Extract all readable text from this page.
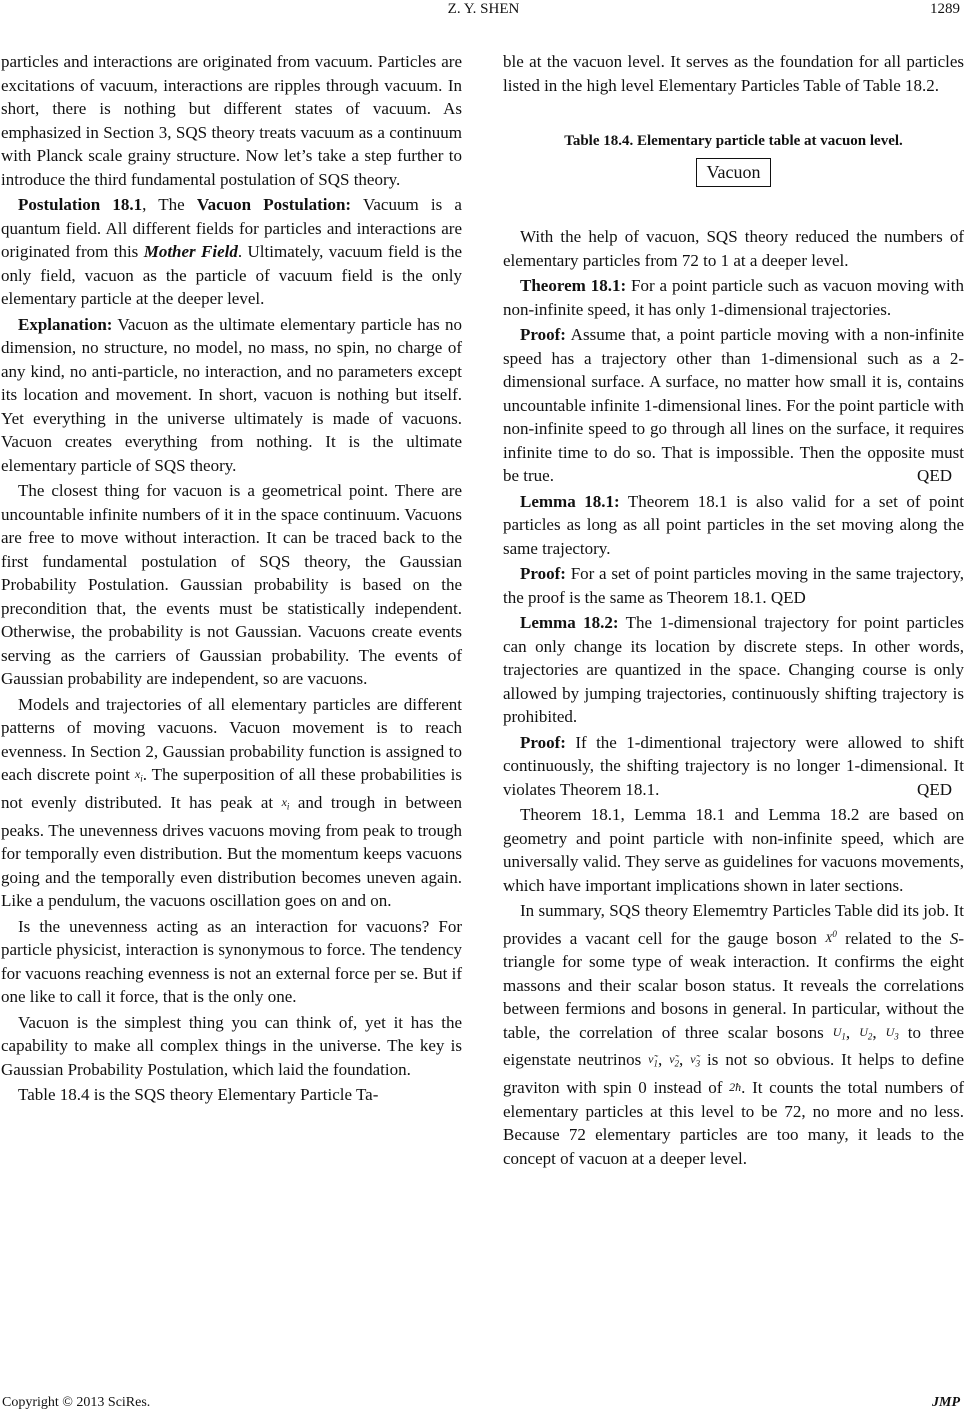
Z. Y. SHEN	1289

particles and interactions are originated from vacuum. Particles are excitations of vacuum, interactions are ripples through vacuum. In short, there is nothing but different states of vacuum. As emphasized in Section 3, SQS theory treats vacuum as a continuum with Planck scale grainy structure. Now let’s take a step further to introduce the third fundamental postulation of SQS theory.

Postulation 18.1, The Vacuon Postulation: Vacuum is a quantum field. All different fields for particles and interactions are originated from this Mother Field. Ultimately, vacuum field is the only field, vacuon as the particle of vacuum field is the only elementary particle at the deeper level.

Explanation: Vacuon as the ultimate elementary particle has no dimension, no structure, no model, no mass, no spin, no charge of any kind, no anti-particle, no interaction, and no parameters except its location and movement. In short, vacuon is nothing but itself. Yet everything in the universe ultimately is made of vacuons. Vacuon creates everything from nothing. It is the ultimate elementary particle of SQS theory.

The closest thing for vacuon is a geometrical point. There are uncountable infinite numbers of it in the space continuum. Vacuons are free to move without interaction. It can be traced back to the first fundamental postulation of SQS theory, the Gaussian Probability Postulation. Gaussian probability is based on the precondition that, the events must be statistically independent. Otherwise, the probability is not Gaussian. Vacuons create events serving as the carriers of Gaussian probability. The events of Gaussian probability are independent, so are vacuons.

Models and trajectories of all elementary particles are different patterns of moving vacuons. Vacuon movement is to reach evenness. In Section 2, Gaussian probability function is assigned to each discrete point $x_i$. The superposition of all these probabilities is not evenly distributed. It has peak at $x_i$ and trough in between peaks. The unevenness drives vacuons moving from peak to trough for temporally even distribution. But the momentum keeps vacuons going and the temporally even distribution becomes uneven again. Like a pendulum, the vacuons oscillation goes on and on.

Is the unevenness acting as an interaction for vacuons? For particle physicist, interaction is synonymous to force. The tendency for vacuons reaching evenness is not an external force per se. But if one like to call it force, that is the only one.

Vacuon is the simplest thing you can think of, yet it has the capability to make all complex things in the universe. The key is Gaussian Probability Postulation, which laid the foundation.

Table 18.4 is the SQS theory Elementary Particle Ta-

ble at the vacuon level. It serves as the foundation for all particles listed in the high level Elementary Particles Table of Table 18.2.

Table 18.4. Elementary particle table at vacuon level.
Vacuon

With the help of vacuon, SQS theory reduced the numbers of elementary particles from 72 to 1 at a deeper level.

Theorem 18.1: For a point particle such as vacuon moving with non-infinite speed, it has only 1-dimensional trajectories.

Proof: Assume that, a point particle moving with a non-infinite speed has a trajectory other than 1-dimensional such as a 2-dimensional surface. A surface, no matter how small it is, contains uncountable infinite 1-dimensional lines. For the point particle with non-infinite speed to go through all lines on the surface, it requires infinite time to do so. That is impossible. Then the opposite must be true.	QED

Lemma 18.1: Theorem 18.1 is also valid for a set of point particles as long as all point particles in the set moving along the same trajectory.

Proof: For a set of point particles moving in the same trajectory, the proof is the same as Theorem 18.1. QED

Lemma 18.2: The 1-dimensional trajectory for point particles can only change its location by discrete steps. In other words, trajectories are quantized in the space. Changing course is only allowed by jumping trajectories, continuously shifting trajectory is prohibited.

Proof: If the 1-dimentional trajectory were allowed to shift continuously, the shifting trajectory is no longer 1-dimensional. It violates Theorem 18.1.	QED

Theorem 18.1, Lemma 18.1 and Lemma 18.2 are based on geometry and point particle with non-infinite speed, which are universally valid. They serve as guidelines for vacuons movements, which have important implications shown in later sections.

In summary, SQS theory Elememtry Particles Table did its job. It provides a vacant cell for the gauge boson $X^0$ related to the S-triangle for some type of weak interaction. It confirms the eight massons and their scalar boson status. It reveals the correlations between fermions and bosons in general. In particular, without the table, the correlation of three scalar bosons $U_1$, $U_2$, $U_3$ to three eigenstate neutrinos $\nũ_1$, $\nũ_2$, $\nũ_3$ is not so obvious. It helps to define graviton with spin 0 instead of 2ħ. It counts the total numbers of elementary particles at this level to be 72, no more and no less. Because 72 elementary particles are too many, it leads to the concept of vacuon at a deeper level.

Copyright © 2013 SciRes.	JMP
